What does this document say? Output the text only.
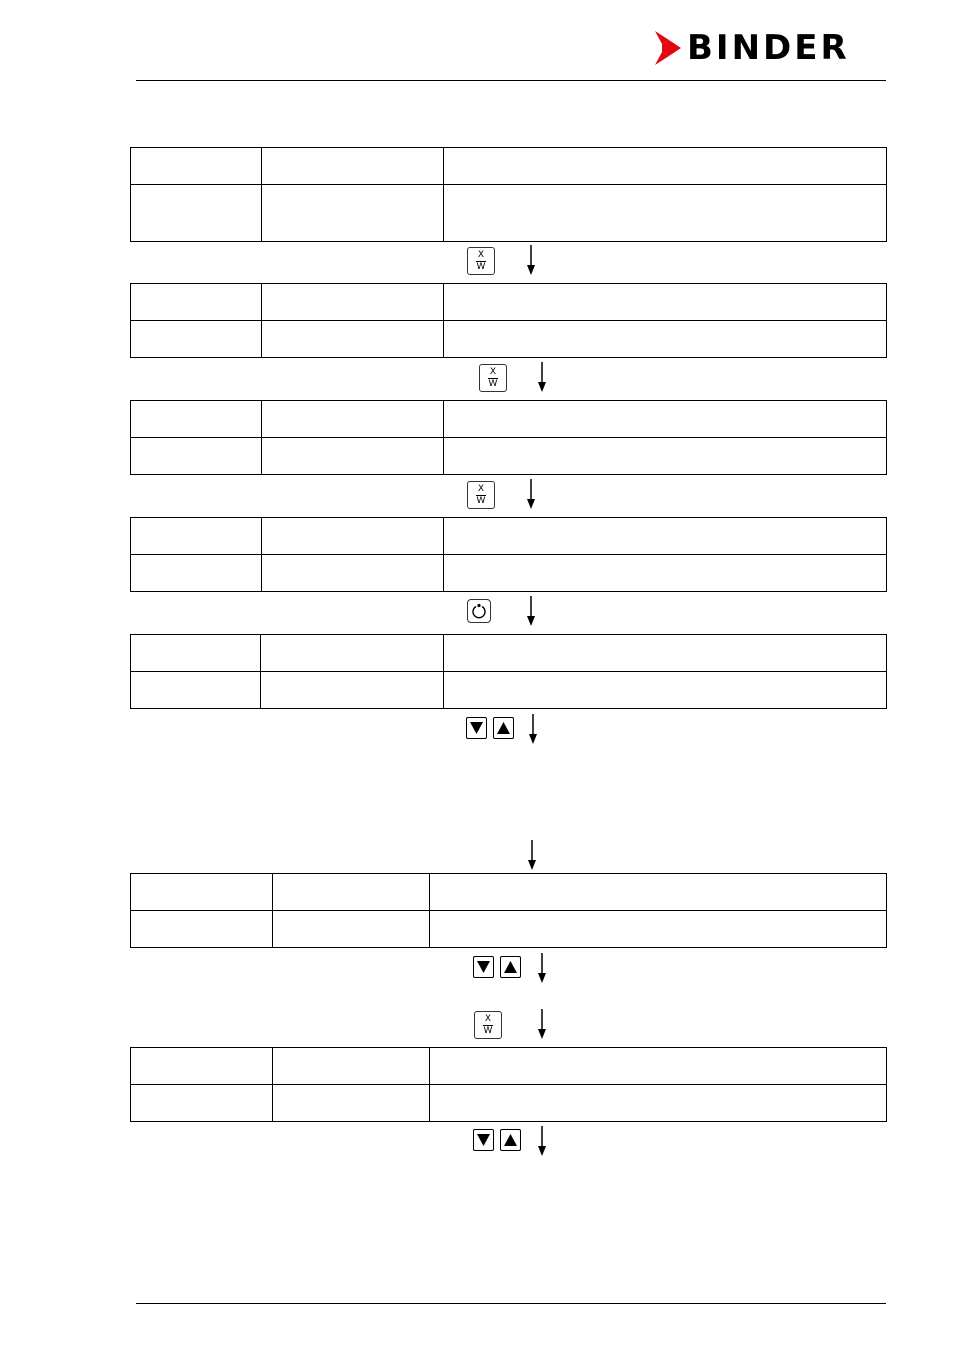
BINDER

X
W

X
W

X
W

X
W
